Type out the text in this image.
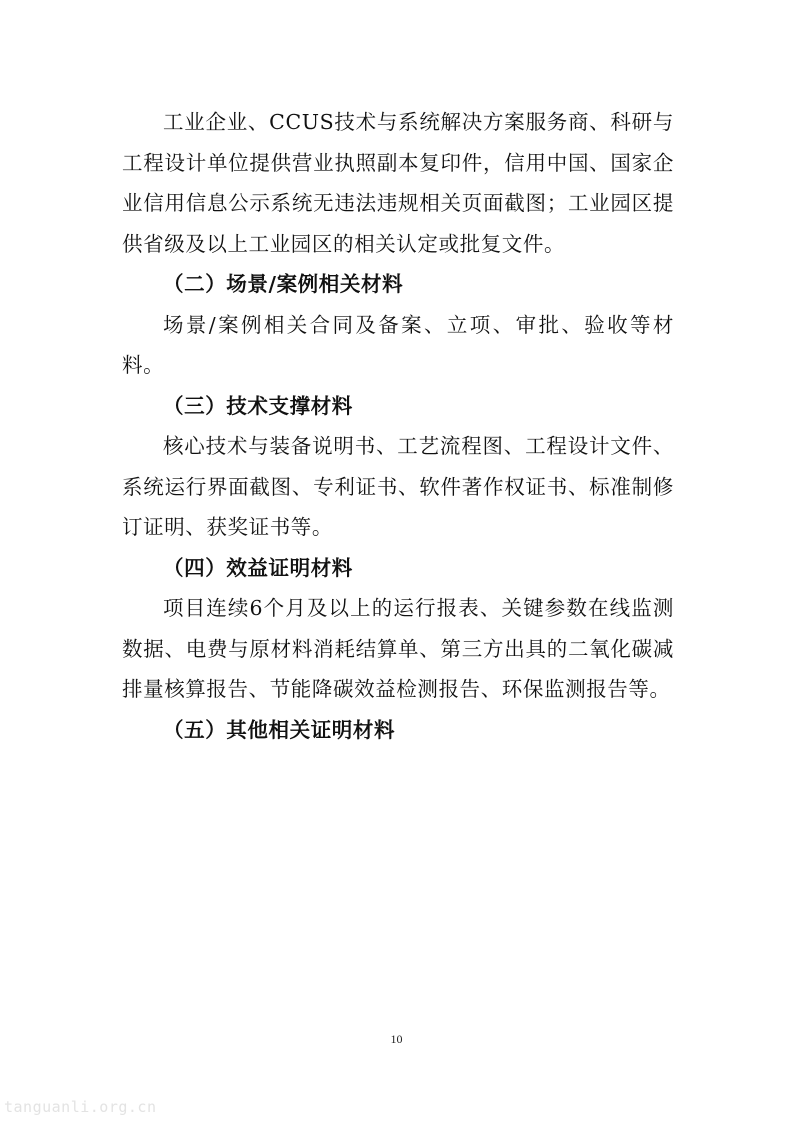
工业企业、CCUS技术与系统解决方案服务商、科研与工程设计单位提供营业执照副本复印件，信用中国、国家企业信用信息公示系统无违法违规相关页面截图；工业园区提供省级及以上工业园区的相关认定或批复文件。

（二）场景/案例相关材料

场景/案例相关合同及备案、立项、审批、验收等材料。

（三）技术支撑材料

核心技术与装备说明书、工艺流程图、工程设计文件、系统运行界面截图、专利证书、软件著作权证书、标准制修订证明、获奖证书等。

（四）效益证明材料

项目连续6个月及以上的运行报表、关键参数在线监测数据、电费与原材料消耗结算单、第三方出具的二氧化碳减排量核算报告、节能降碳效益检测报告、环保监测报告等。

（五）其他相关证明材料

10
tanguanli.org.cn
